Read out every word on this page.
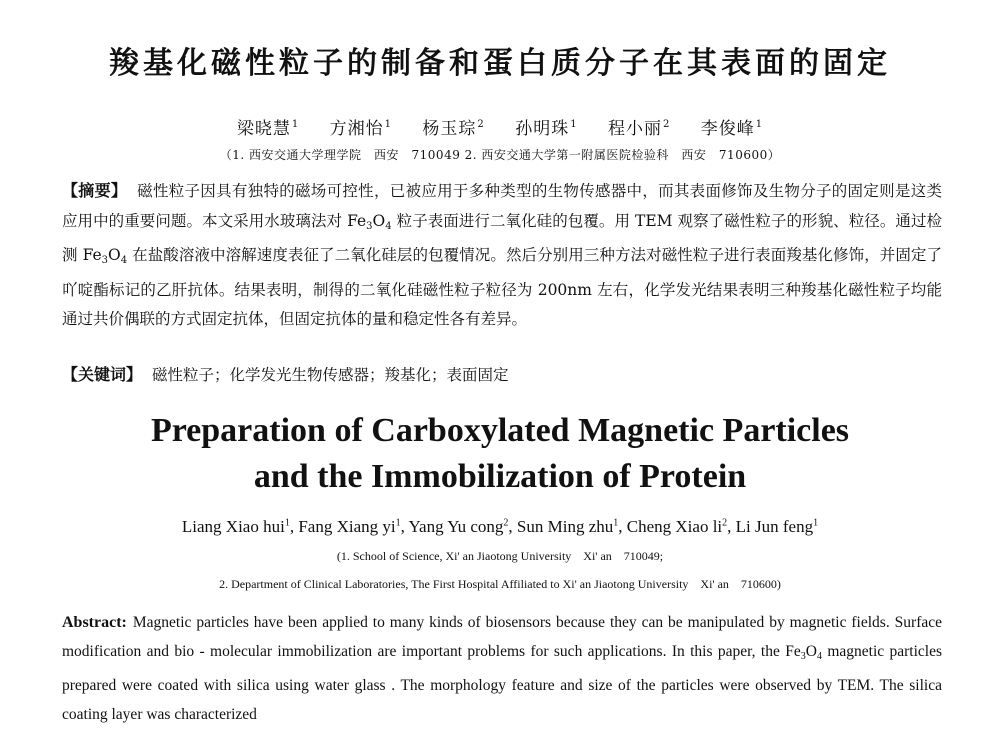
羧基化磁性粒子的制备和蛋白质分子在其表面的固定
梁晓慧$^1$ 方湘怡$^1$ 杨玉琮$^2$ 孙明珠$^1$ 程小丽$^2$ 李俊峰$^1$
（1. 西安交通大学理学院　西安　710049 2. 西安交通大学第一附属医院检验科　西安　710600）
【摘要】 磁性粒子因具有独特的磁场可控性，已被应用于多种类型的生物传感器中，而其表面修饰及生物分子的固定则是这类应用中的重要问题。本文采用水玻璃法对 $Fe_3O_4$ 粒子表面进行二氧化硅的包覆。用 TEM 观察了磁性粒子的形貌、粒径。通过检测 $Fe_3O_4$ 在盐酸溶液中溶解速度表征了二氧化硅层的包覆情况。然后分别用三种方法对磁性粒子进行表面羧基化修饰，并固定了吖啶酯标记的乙肝抗体。结果表明，制得的二氧化硅磁性粒子粒径为 200nm 左右，化学发光结果表明三种羧基化磁性粒子均能通过共价偶联的方式固定抗体，但固定抗体的量和稳定性各有差异。
【关键词】 磁性粒子；化学发光生物传感器；羧基化；表面固定
Preparation of Carboxylated Magnetic Particles
and the Immobilization of Protein
Liang Xiao hui$^1$, Fang Xiang $yi^1$, Yang Yu cong$^2$, Sun Ming zhu$^1$, Cheng Xiao $li^2$, Li Jun feng$^1$
(1. School of Science, Xi' an Jiaotong University　Xi' an　710049;
2. Department of Clinical Laboratories, The First Hospital Affiliated to Xi' an Jiaotong University　Xi' an　710600)
Abstract: Magnetic particles have been applied to many kinds of biosensors because they can be manipulated by magnetic fields. Surface modification and bio - molecular immobilization are important problems for such applications. In this paper, the $Fe_3O_4$ magnetic particles prepared were coated with silica using water glass . The morphology feature and size of the particles were observed by TEM. The silica coating layer was characterized
